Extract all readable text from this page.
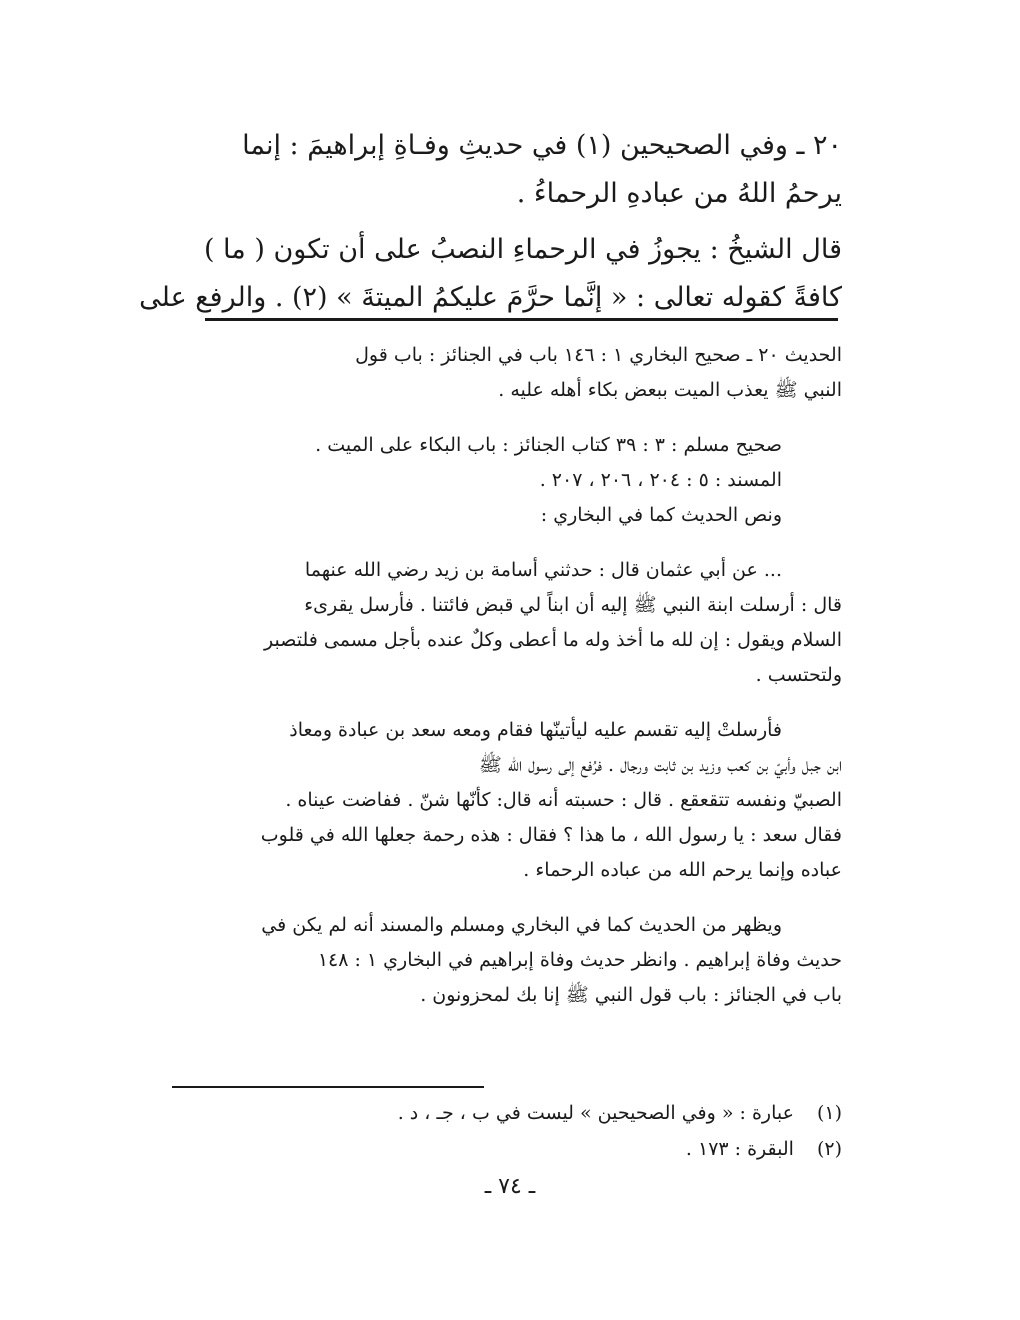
٢٠ ـ وفي الصحيحين (١) في حديثِ وفـاةِ إبراهيمَ : إنما
يرحمُ اللهُ من عبادهِ الرحماءُ .
قال الشيخُ : يجوزُ في الرحماءِ النصبُ على أن تكون ( ما )
كافةً كقوله تعالى : « إنَّما حرَّمَ عليكمُ الميتةَ » (٢) . والرفع على
الحديث ٢٠ ـ صحيح البخاري ١ : ١٤٦ باب في الجنائز : باب قول
النبي ﷺ يعذب الميت ببعض بكاء أهله عليه .
صحيح مسلم : ٣ : ٣٩ كتاب الجنائز : باب البكاء على الميت .
المسند : ٥ : ٢٠٤ ، ٢٠٦ ، ٢٠٧ .
ونص الحديث كما في البخاري :
... عن أبي عثمان قال : حدثني أسامة بن زيد رضي الله عنهما
قال : أرسلت ابنة النبي ﷺ إليه أن ابناً لي قبض فائتنا . فأرسل يقرىء
السلام ويقول : إن لله ما أخذ وله ما أعطى وكلٌ عنده بأجل مسمى فلتصبر
ولتحتسب .
فأرسلتْ إليه تقسم عليه ليأتينّها فقام ومعه سعد بن عبادة ومعاذ
ابن جبل وأبيّ بن كعب وزيد بن ثابت ورجال . فرُفع إلى رسول الله ﷺ
الصبيّ ونفسه تتقعقع . قال : حسبته أنه قال: كأنّها شنّ . ففاضت عيناه .
فقال سعد : يا رسول الله ، ما هذا ؟ فقال : هذه رحمة جعلها الله في قلوب
عباده وإنما يرحم الله من عباده الرحماء .
ويظهر من الحديث كما في البخاري ومسلم والمسند أنه لم يكن في
حديث وفاة إبراهيم . وانظر حديث وفاة إبراهيم في البخاري ١ : ١٤٨
باب في الجنائز : باب قول النبي ﷺ إنا بك لمحزونون .
(١) عبارة : « وفي الصحيحين » ليست في ب ، جـ ، د .
(٢) البقرة : ١٧٣ .
ـ ٧٤ ـ
